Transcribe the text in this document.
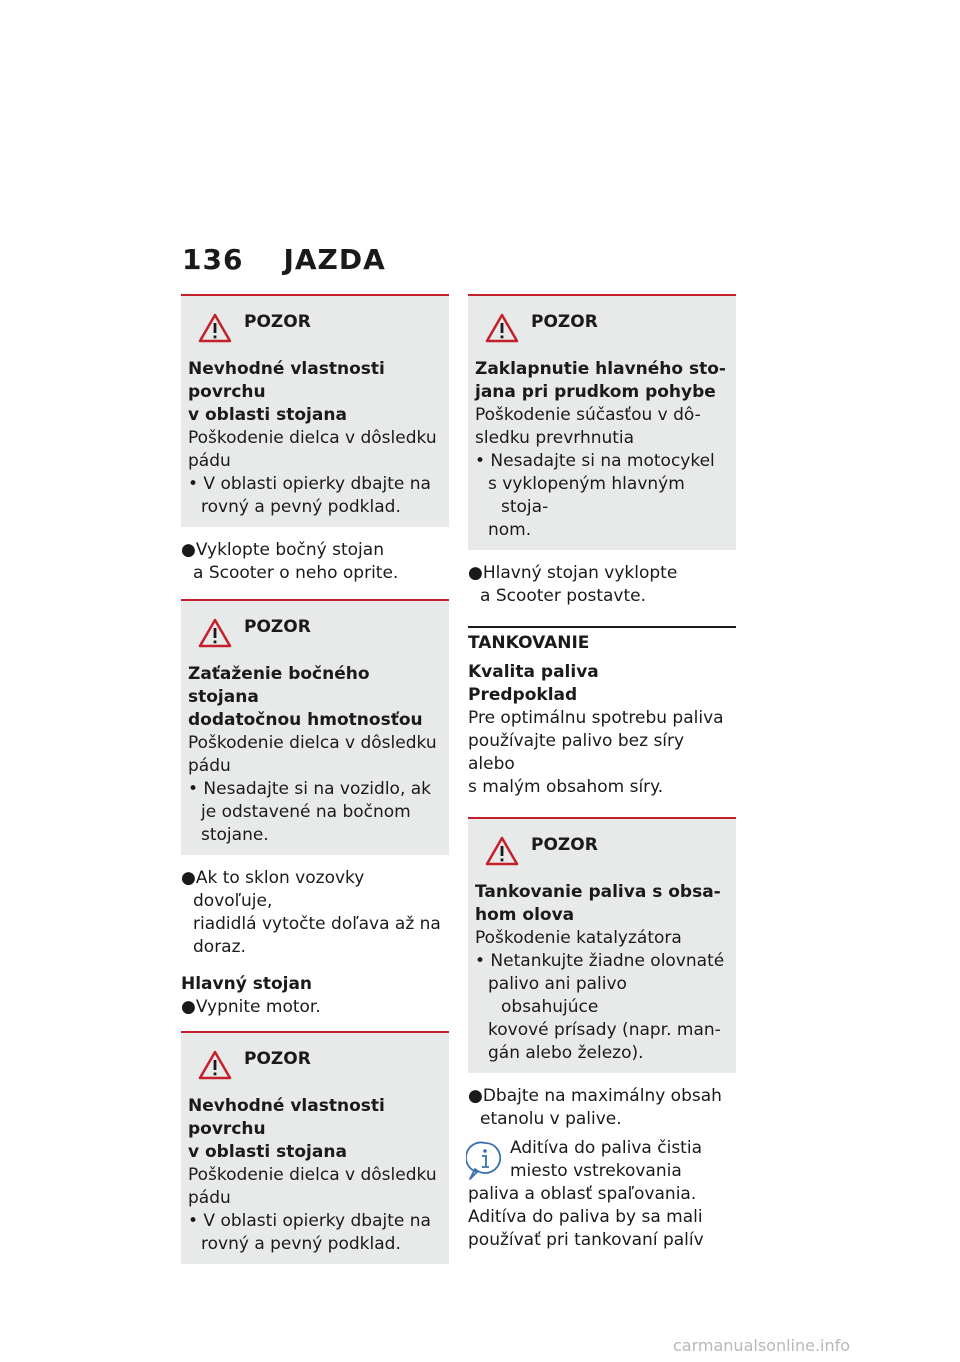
136 JAZDA
POZOR
Nevhodné vlastnosti povrchu
v oblasti stojana
Poškodenie dielca v dôsledku
pádu
• V oblasti opierky dbajte na
rovný a pevný podklad.
●Vyklopte bočný stojan
a Scooter o neho oprite.
POZOR
Zaťaženie bočného stojana
dodatočnou hmotnosťou
Poškodenie dielca v dôsledku
pádu
• Nesadajte si na vozidlo, ak
je odstavené na bočnom
stojane.
●Ak to sklon vozovky dovoľuje,
riadidlá vytočte doľava až na
doraz.
Hlavný stojan
●Vypnite motor.
POZOR
Nevhodné vlastnosti povrchu
v oblasti stojana
Poškodenie dielca v dôsledku
pádu
• V oblasti opierky dbajte na
rovný a pevný podklad.
POZOR
Zaklapnutie hlavného sto-
jana pri prudkom pohybe
Poškodenie súčasťou v dô-
sledku prevrhnutia
• Nesadajte si na motocykel
s vyklopeným hlavným stoja-
nom.
●Hlavný stojan vyklopte
a Scooter postavte.
TANKOVANIE
Kvalita paliva
Predpoklad
Pre optimálnu spotrebu paliva
používajte palivo bez síry alebo
s malým obsahom síry.
POZOR
Tankovanie paliva s obsa-
hom olova
Poškodenie katalyzátora
• Netankujte žiadne olovnaté
palivo ani palivo obsahujúce
kovové prísady (napr. man-
gán alebo železo).
●Dbajte na maximálny obsah
etanolu v palive.
Aditíva do paliva čistia
miesto vstrekovania
paliva a oblasť spaľovania.
Aditíva do paliva by sa mali
používať pri tankovaní palív
carmanualsonline.info
